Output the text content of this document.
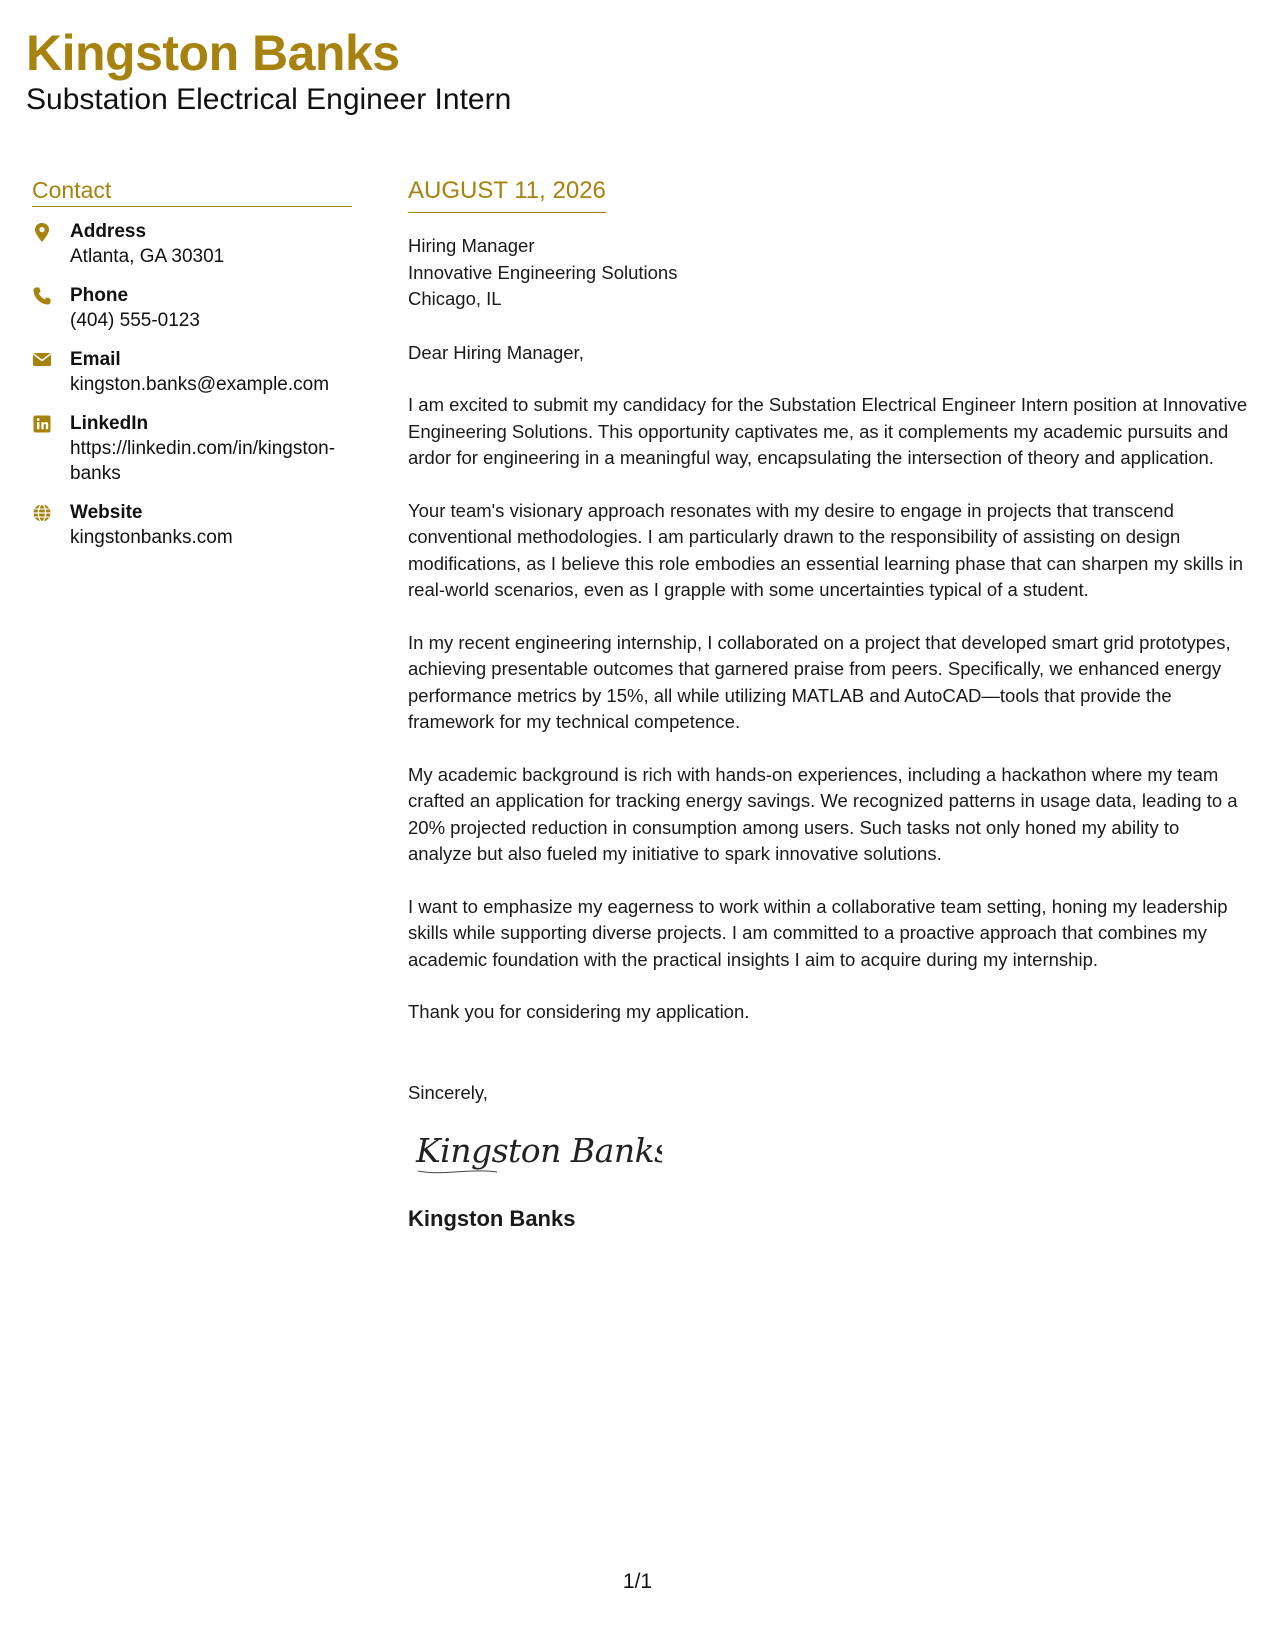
Kingston Banks
Substation Electrical Engineer Intern
Contact
Address
Atlanta, GA 30301
Phone
(404) 555-0123
Email
kingston.banks@example.com
LinkedIn
https://linkedin.com/in/kingston-banks
Website
kingstonbanks.com
AUGUST 11, 2026
Hiring Manager
Innovative Engineering Solutions
Chicago, IL
Dear Hiring Manager,
I am excited to submit my candidacy for the Substation Electrical Engineer Intern position at Innovative Engineering Solutions. This opportunity captivates me, as it complements my academic pursuits and ardor for engineering in a meaningful way, encapsulating the intersection of theory and application.
Your team's visionary approach resonates with my desire to engage in projects that transcend conventional methodologies. I am particularly drawn to the responsibility of assisting on design modifications, as I believe this role embodies an essential learning phase that can sharpen my skills in real-world scenarios, even as I grapple with some uncertainties typical of a student.
In my recent engineering internship, I collaborated on a project that developed smart grid prototypes, achieving presentable outcomes that garnered praise from peers. Specifically, we enhanced energy performance metrics by 15%, all while utilizing MATLAB and AutoCAD—tools that provide the framework for my technical competence.
My academic background is rich with hands-on experiences, including a hackathon where my team crafted an application for tracking energy savings. We recognized patterns in usage data, leading to a 20% projected reduction in consumption among users. Such tasks not only honed my ability to analyze but also fueled my initiative to spark innovative solutions.
I want to emphasize my eagerness to work within a collaborative team setting, honing my leadership skills while supporting diverse projects. I am committed to a proactive approach that combines my academic foundation with the practical insights I aim to acquire during my internship.
Thank you for considering my application.
Sincerely,
Kingston Banks
Kingston Banks
1/1
